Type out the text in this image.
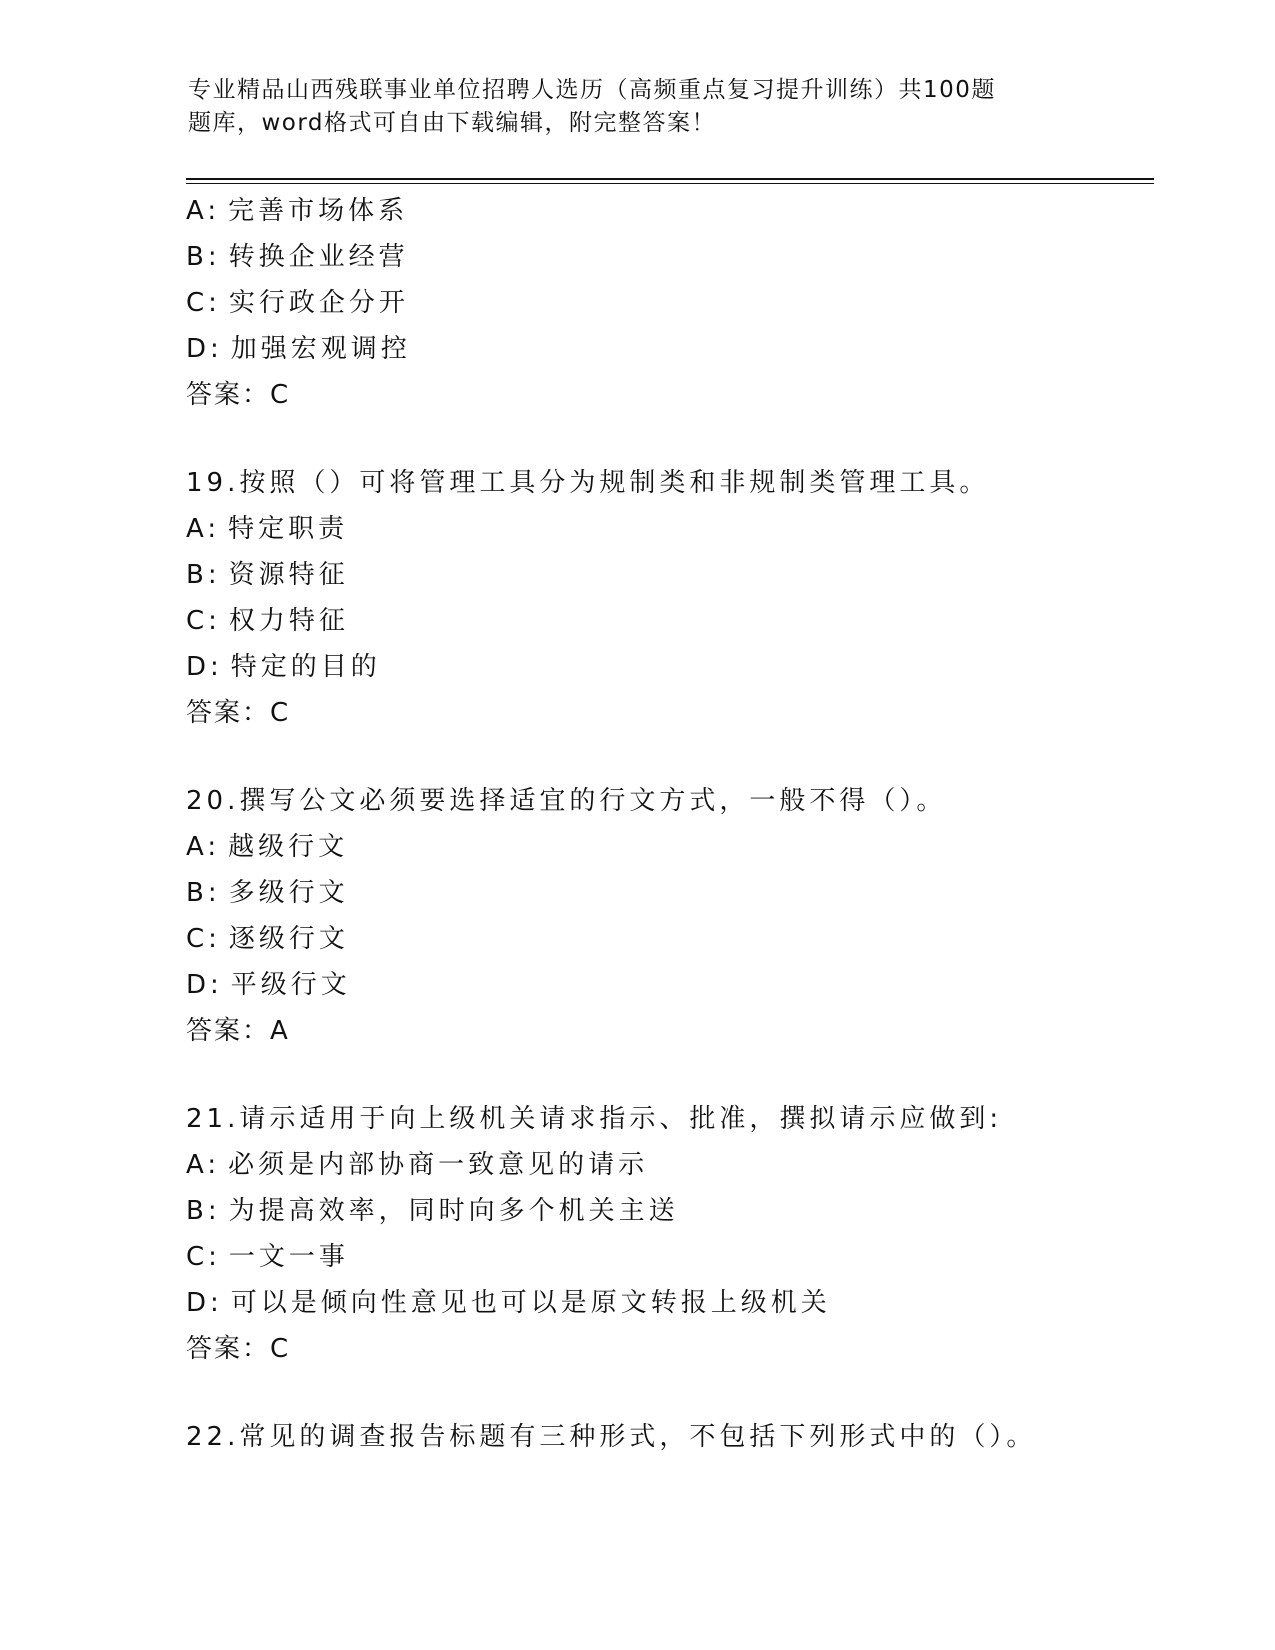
专业精品山西残联事业单位招聘人选历（高频重点复习提升训练）共100题
题库，word格式可自由下载编辑，附完整答案！
A: 完善市场体系
B: 转换企业经营
C: 实行政企分开
D: 加强宏观调控
答案：C
19.按照（）可将管理工具分为规制类和非规制类管理工具。
A: 特定职责
B: 资源特征
C: 权力特征
D: 特定的目的
答案：C
20.撰写公文必须要选择适宜的行文方式，一般不得（）。
A: 越级行文
B: 多级行文
C: 逐级行文
D: 平级行文
答案：A
21.请示适用于向上级机关请求指示、批准，撰拟请示应做到:
A: 必须是内部协商一致意见的请示
B: 为提高效率，同时向多个机关主送
C: 一文一事
D: 可以是倾向性意见也可以是原文转报上级机关
答案：C
22.常见的调查报告标题有三种形式，不包括下列形式中的（）。
